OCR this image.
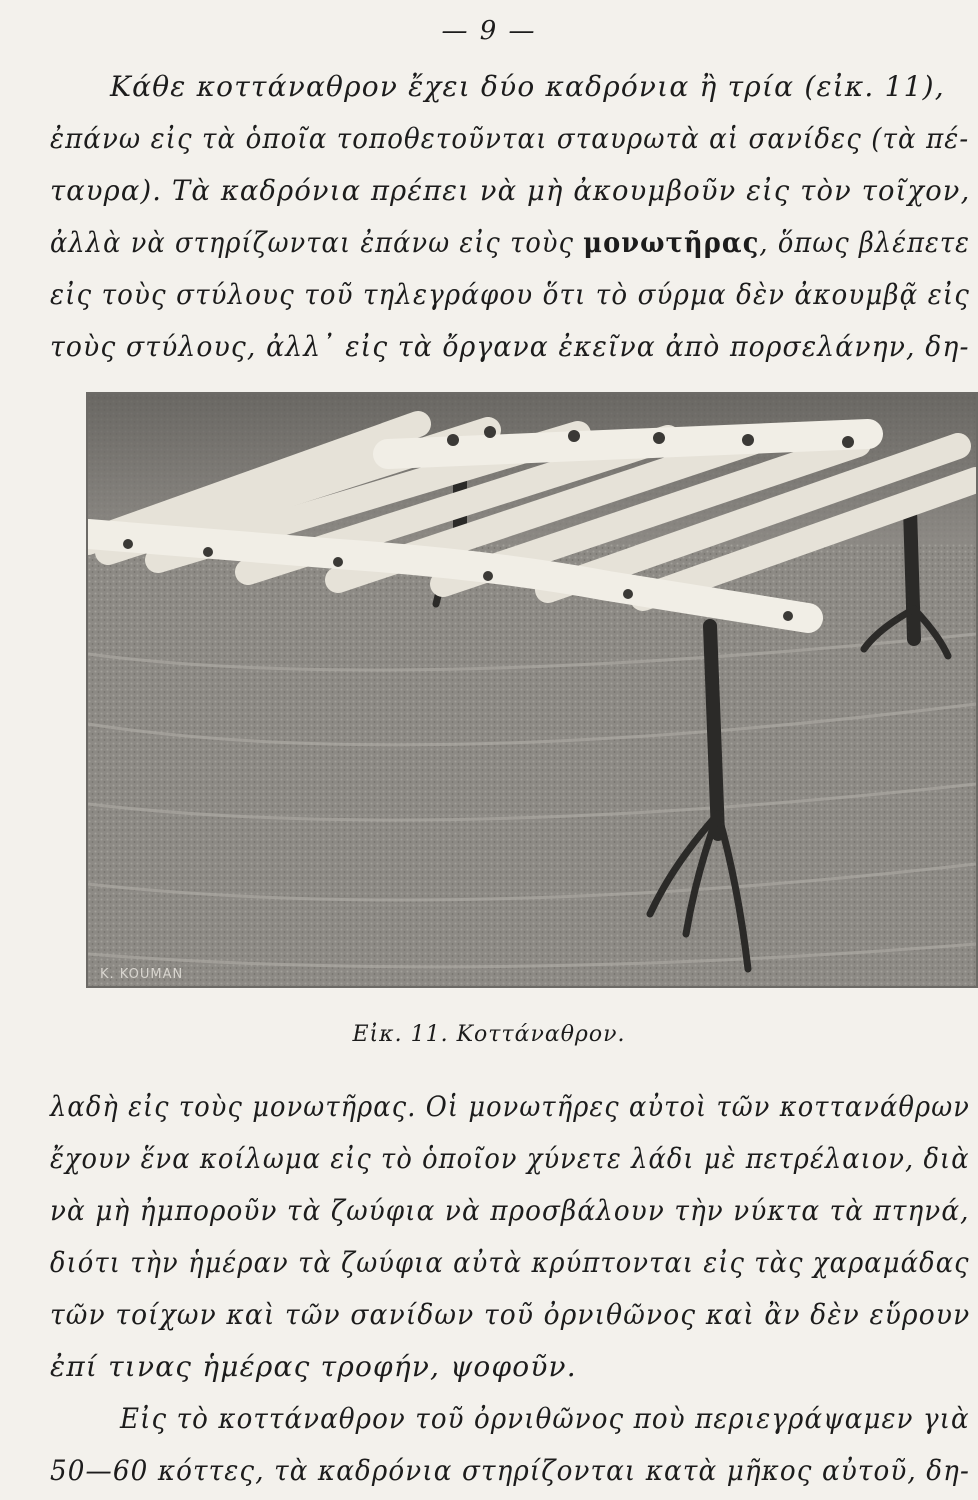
— 9 —
Κάθε κοττάναθρον ἔχει δύο καδρόνια ἢ τρία (εἰκ. 11),
ἐπάνω εἰς τὰ ὁποῖα τοποθετοῦνται σταυρωτὰ αἱ σανίδες (τὰ πέ-
ταυρα). Τὰ καδρόνια πρέπει νὰ μὴ ἀκουμβοῦν εἰς τὸν τοῖχον,
ἀλλὰ νὰ στηρίζωνται ἐπάνω εἰς τοὺς μονωτῆρας, ὅπως βλέπετε
εἰς τοὺς στύλους τοῦ τηλεγράφου ὅτι τὸ σύρμα δὲν ἀκουμβᾷ εἰς
τοὺς στύλους, ἀλλ᾽ εἰς τὰ ὄργανα ἐκεῖνα ἀπὸ πορσελάνην, δη-
K. KOUMAN
Εἰκ. 11. Κοττάναθρον.
λαδὴ εἰς τοὺς μονωτῆρας. Οἱ μονωτῆρες αὐτοὶ τῶν κοττανάθρων
ἔχουν ἕνα κοίλωμα εἰς τὸ ὁποῖον χύνετε λάδι μὲ πετρέλαιον, διὰ
νὰ μὴ ἠμποροῦν τὰ ζωύφια νὰ προσβάλουν τὴν νύκτα τὰ πτηνά,
διότι τὴν ἡμέραν τὰ ζωύφια αὐτὰ κρύπτονται εἰς τὰς χαραμάδας
τῶν τοίχων καὶ τῶν σανίδων τοῦ ὀρνιθῶνος καὶ ἂν δὲν εὕρουν
ἐπί τινας ἡμέρας τροφήν, ψοφοῦν.
Εἰς τὸ κοττάναθρον τοῦ ὀρνιθῶνος ποὺ περιεγράψαμεν γιὰ
50—60 κόττες, τὰ καδρόνια στηρίζονται κατὰ μῆκος αὐτοῦ, δη-
